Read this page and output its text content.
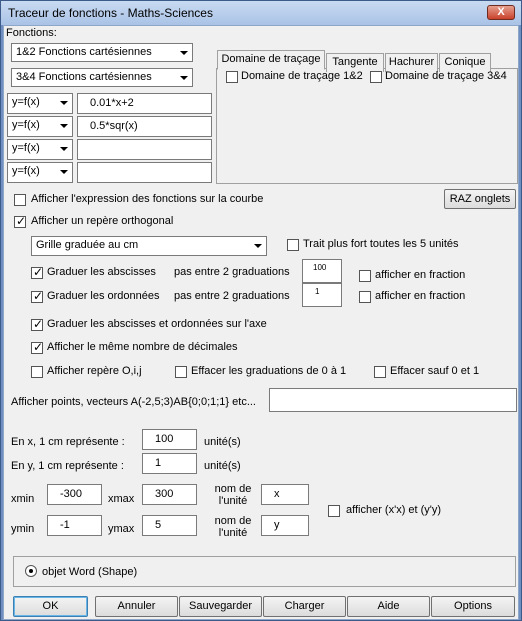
Traceur de fonctions - Maths-Sciences	X
Fonctions:
1&2 Fonctions cartésiennes
3&4 Fonctions cartésiennes
y=f(x)	0.01*x+2
y=f(x)	0.5*sqr(x)
y=f(x)
y=f(x)
Domaine de traçage	Tangente	Hachurer Conique
Domaine de traçage 1&2 Domaine de traçage 3&4
Afficher l'expression des fonctions sur la courbe	RAZ onglets
✓
Afficher un repère orthogonal
Grille graduée au cm	Trait plus fort toutes les 5 unités
✓
Graduer les abscisses pas entre 2 graduations	100
afficher en fraction
✓
Graduer les ordonnées pas entre 2 graduations	1	afficher en fraction
✓
Graduer les abscisses et ordonnées sur l'axe
✓
Afficher le même nombre de décimales
Afficher repère O,i,j	Effacer les graduations de 0 à 1	Effacer sauf 0 et 1
Afficher points, vecteurs A(-2,5;3)AB{0;0;1;1} etc...
En x, 1 cm représente :	100	unité(s)
En y, 1 cm représente :	1	unité(s)
xmin -300 xmax 300	nom de l'unité
x
ymin -1	ymax 5	nom de l'unité
y
afficher (x'x) et (y'y)
objet Word (Shape)
OK	Annuler	Sauvegarder	Charger	Aide	Options
